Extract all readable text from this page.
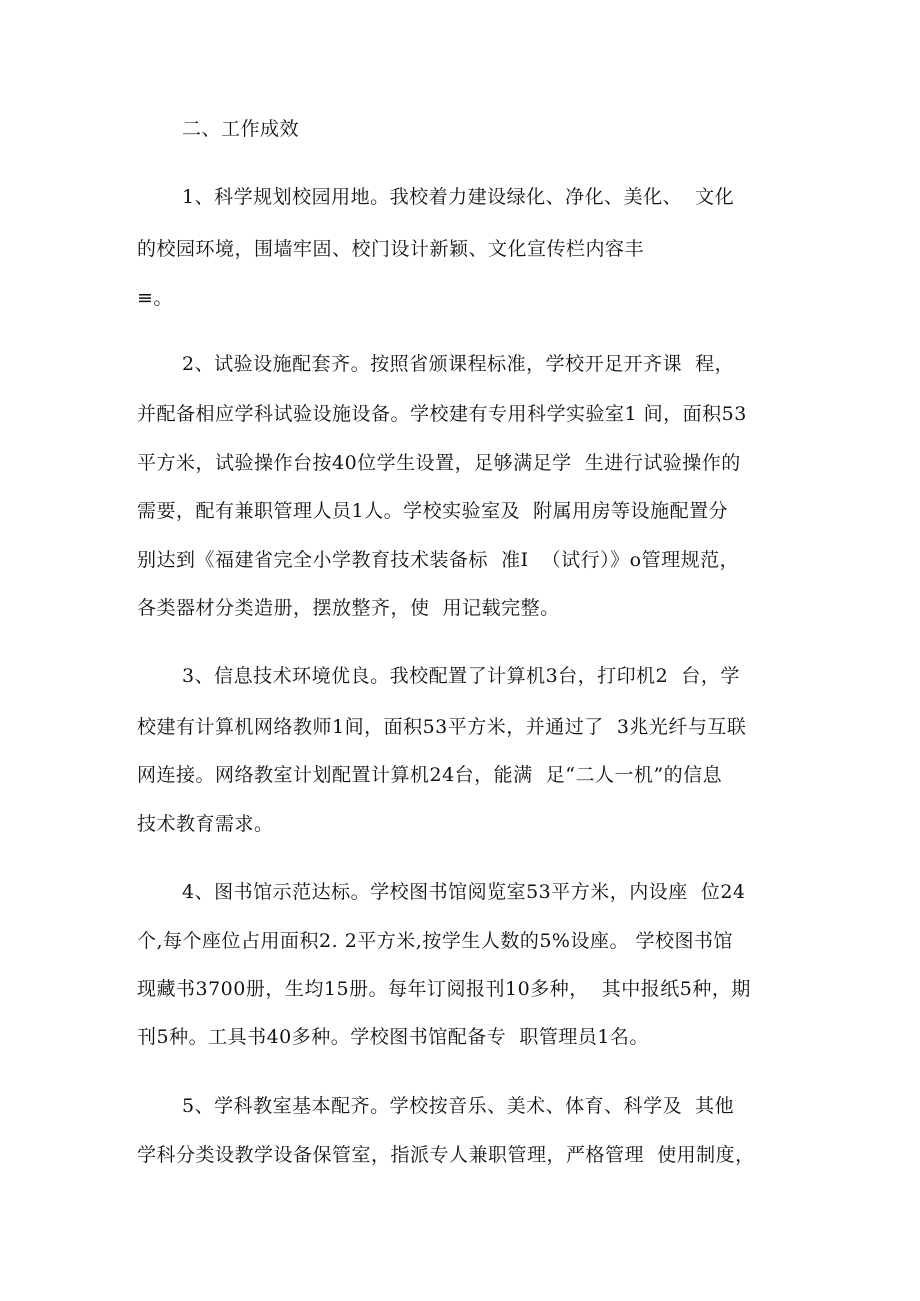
二、工作成效
1、科学规划校园用地。我校着力建设绿化、净化、美化、  文化
的校园环境，围墙牢固、校门设计新颖、文化宣传栏内容丰
≡。
2、试验设施配套齐。按照省颁课程标准，学校开足开齐课  程，
并配备相应学科试验设施设备。学校建有专用科学实验室1 间，面积53
平方米，试验操作台按40位学生设置，足够满足学  生进行试验操作的
需要，配有兼职管理人员1人。学校实验室及  附属用房等设施配置分
别达到《福建省完全小学教育技术装备标  准I  （试行）》o管理规范，
各类器材分类造册，摆放整齐，使  用记载完整。
3、信息技术环境优良。我校配置了计算机3台，打印机2  台，学
校建有计算机网络教师1间，面积53平方米，并通过了  3兆光纤与互联
网连接。网络教室计划配置计算机24台，能满  足“二人一机”的信息
技术教育需求。
4、图书馆示范达标。学校图书馆阅览室53平方米，内设座  位24
个,每个座位占用面积2. 2平方米,按学生人数的5%设座。 学校图书馆
现藏书3700册，生均15册。每年订阅报刊10多种，  其中报纸5种，期
刊5种。工具书40多种。学校图书馆配备专  职管理员1名。
5、学科教室基本配齐。学校按音乐、美术、体育、科学及  其他
学科分类设教学设备保管室，指派专人兼职管理，严格管理  使用制度，
